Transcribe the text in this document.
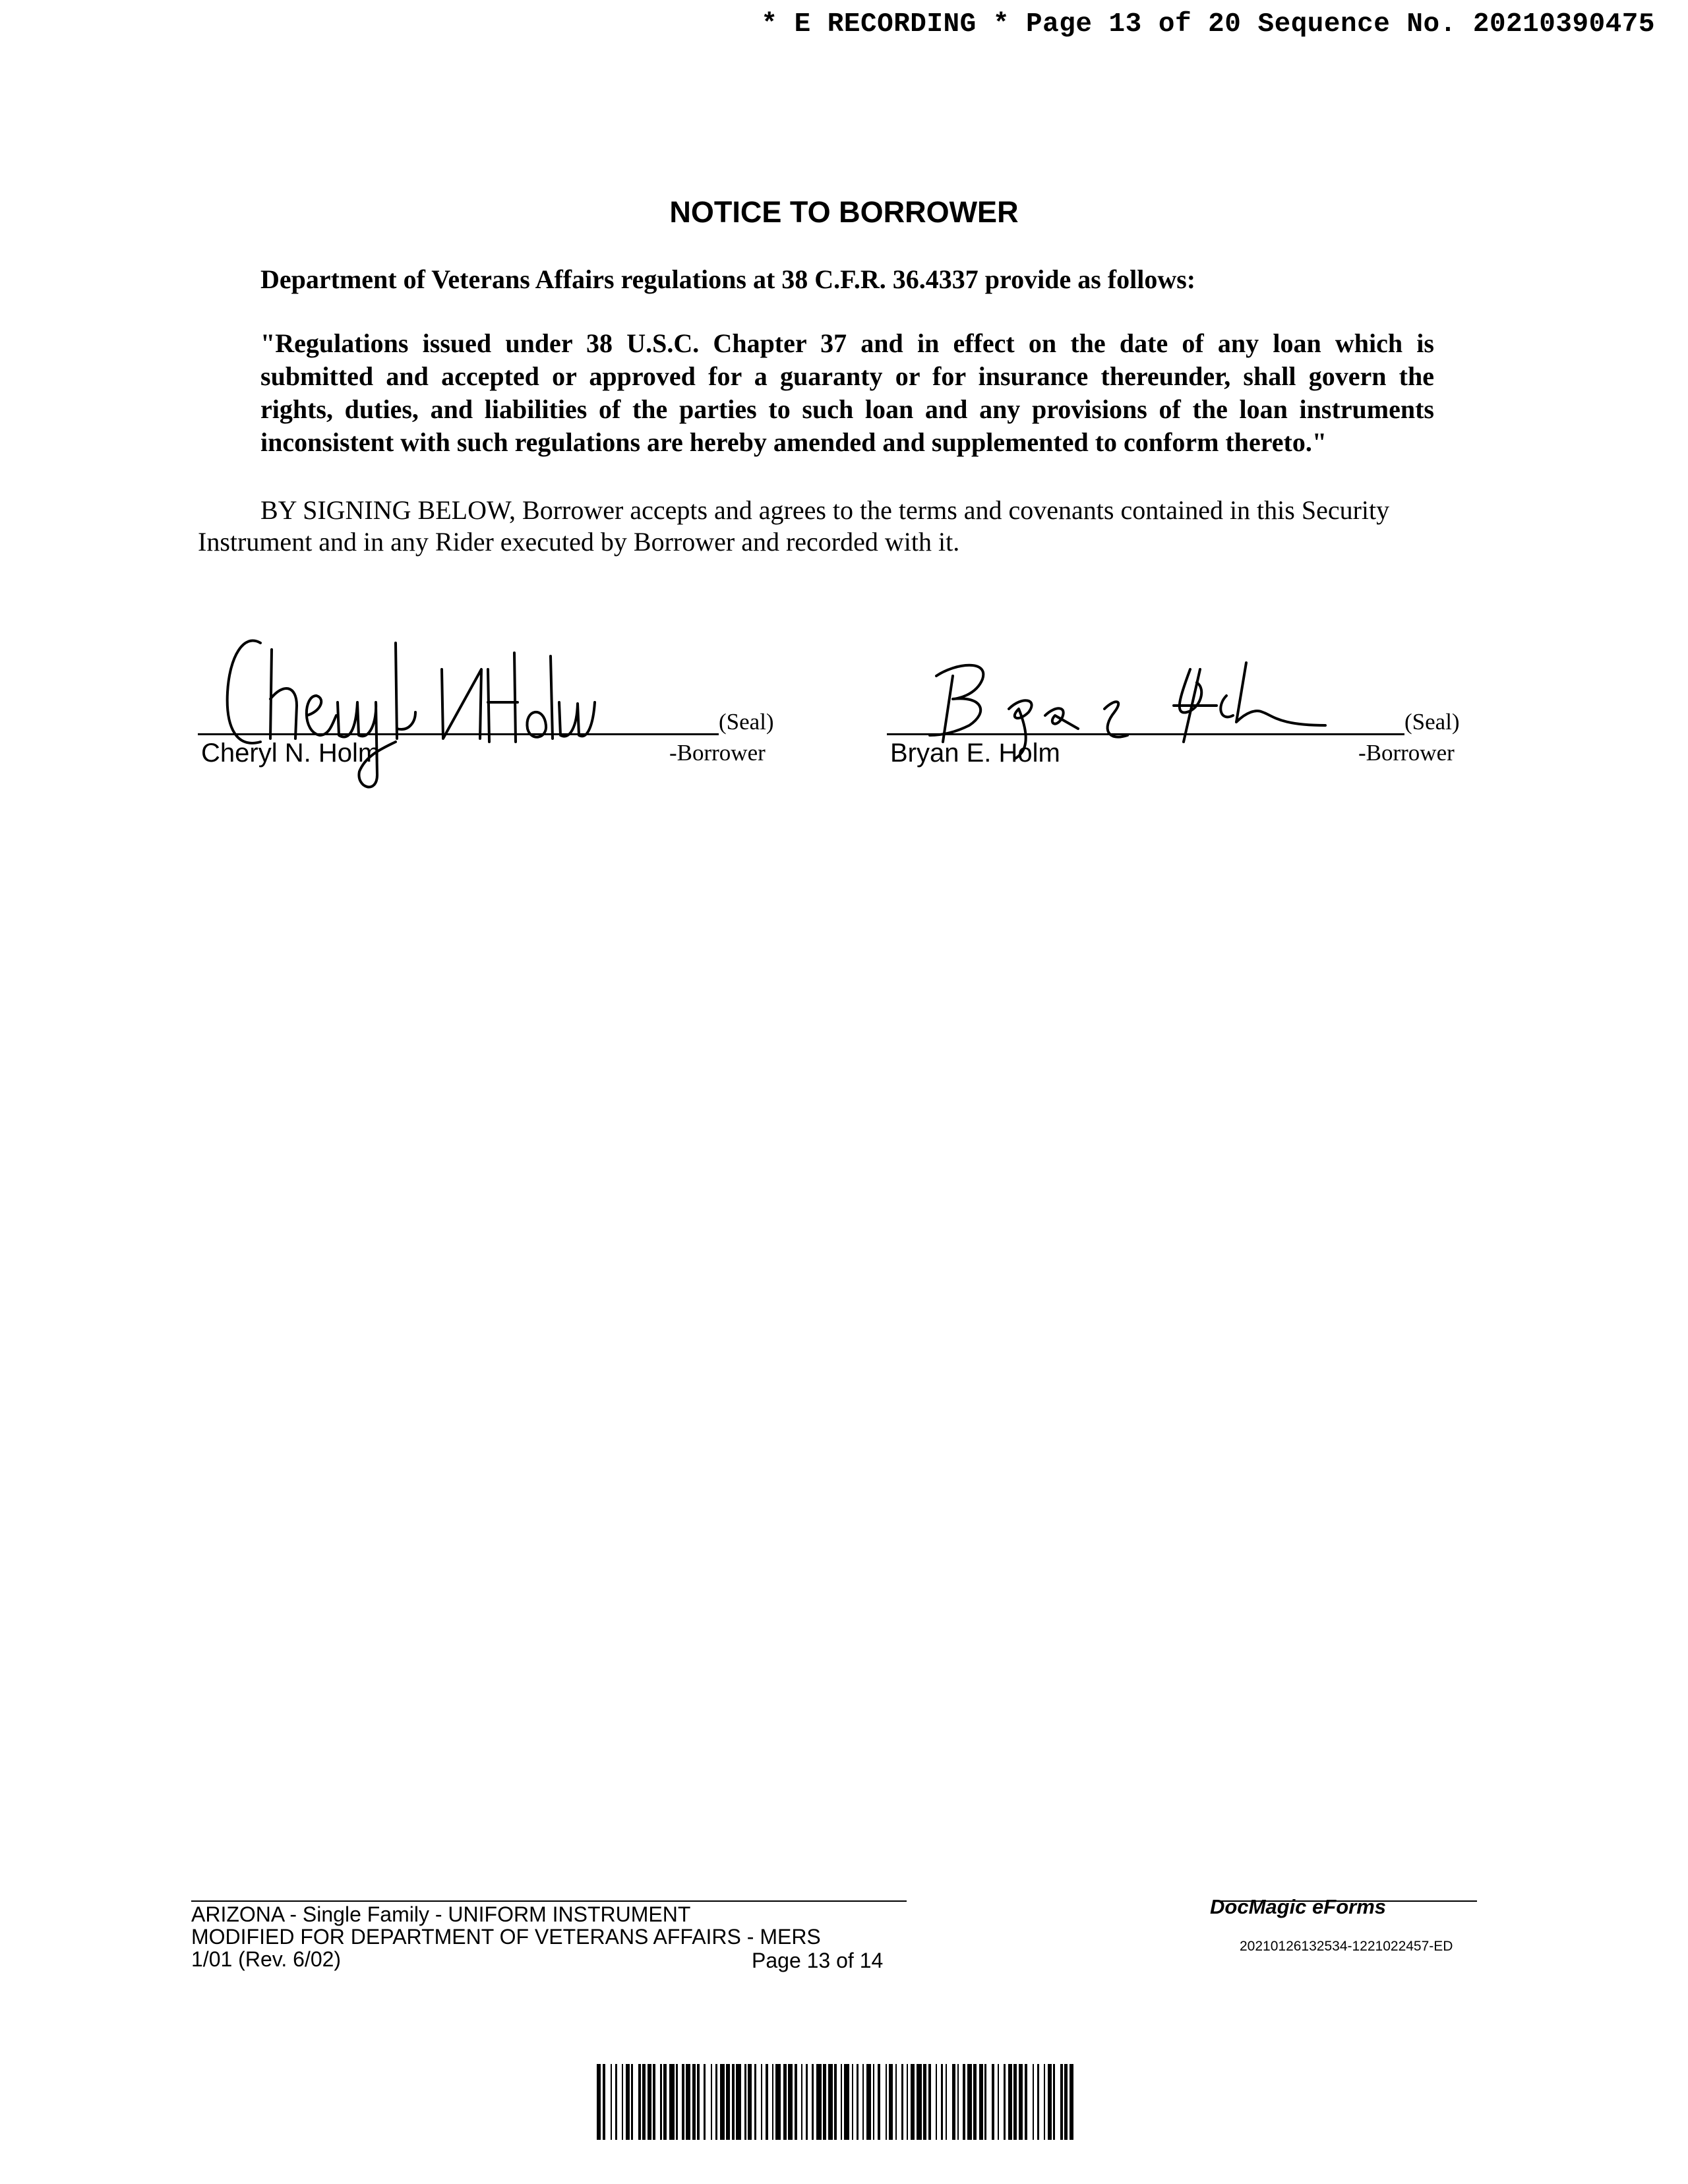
* E RECORDING * Page 13 of 20 Sequence No. 20210390475
NOTICE TO BORROWER
Department of Veterans Affairs regulations at 38 C.F.R. 36.4337 provide as follows:
"Regulations issued under 38 U.S.C. Chapter 37 and in effect on the date of any loan which is
submitted and accepted or approved for a guaranty or for insurance thereunder, shall govern the
rights, duties, and liabilities of the parties to such loan and any provisions of the loan instruments
inconsistent with such regulations are hereby amended and supplemented to conform thereto."
BY SIGNING BELOW, Borrower accepts and agrees to the terms and covenants contained in this Security
Instrument and in any Rider executed by Borrower and recorded with it.
(Seal)
Cheryl N. Holm	-Borrower
(Seal)
Bryan E. Holm	-Borrower
ARIZONA - Single Family - UNIFORM INSTRUMENT
MODIFIED FOR DEPARTMENT OF VETERANS AFFAIRS - MERS
1/01 (Rev. 6/02)	Page 13 of 14
DocMagic eForms
20210126132534-1221022457-ED
